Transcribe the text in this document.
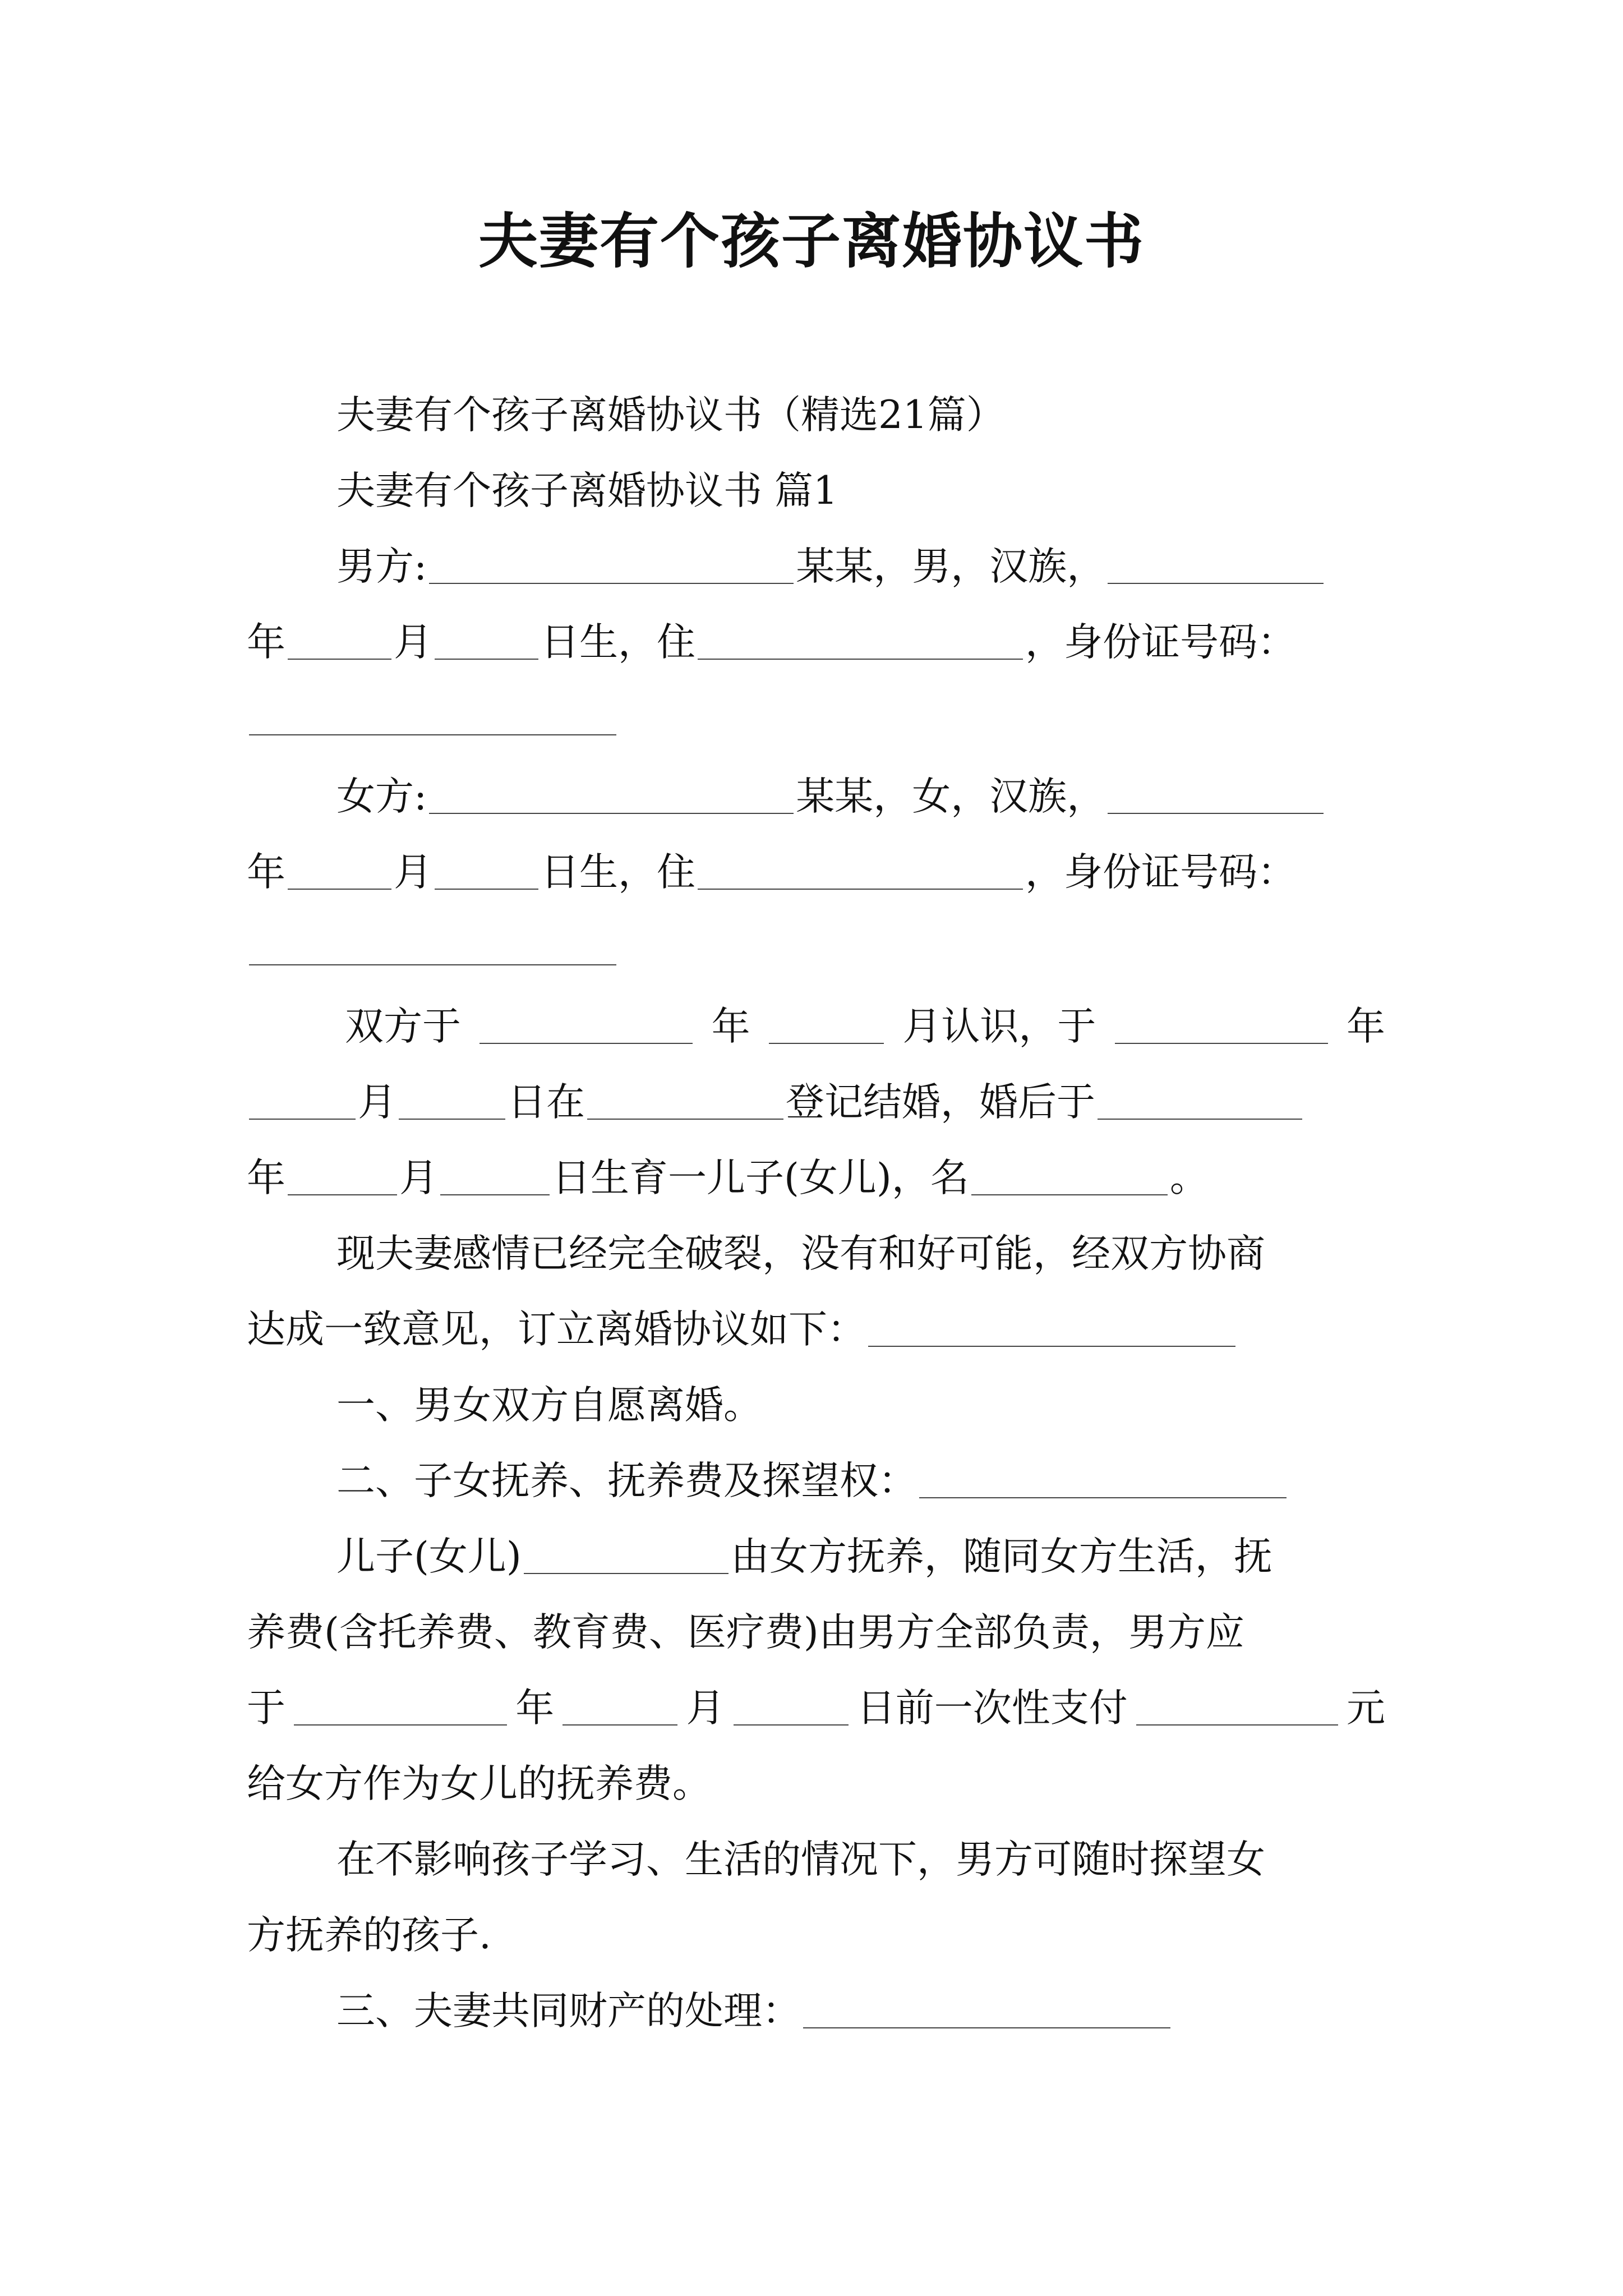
夫妻有个孩子离婚协议书
夫妻有个孩子离婚协议书（精选21篇）
夫妻有个孩子离婚协议书 篇1
男方:	某某，男，汉族，
年	月	日生，住	，身份证号码：
女方:	某某，女，汉族，
年	月	日生，住	，身份证号码：
双方于	年	月认识，于	年
月	日在	登记结婚，婚后于
年	月	日生育一儿子(女儿)，名	。
现夫妻感情已经完全破裂，没有和好可能，经双方协商
达成一致意见，订立离婚协议如下：
一、男女双方自愿离婚。
二、子女抚养、抚养费及探望权：
儿子(女儿)	由女方抚养，随同女方生活，抚
养费(含托养费、教育费、医疗费)由男方全部负责，男方应
于	年	月	日前一次性支付	元
给女方作为女儿的抚养费。
在不影响孩子学习、生活的情况下，男方可随时探望女
方抚养的孩子.
三、夫妻共同财产的处理：
